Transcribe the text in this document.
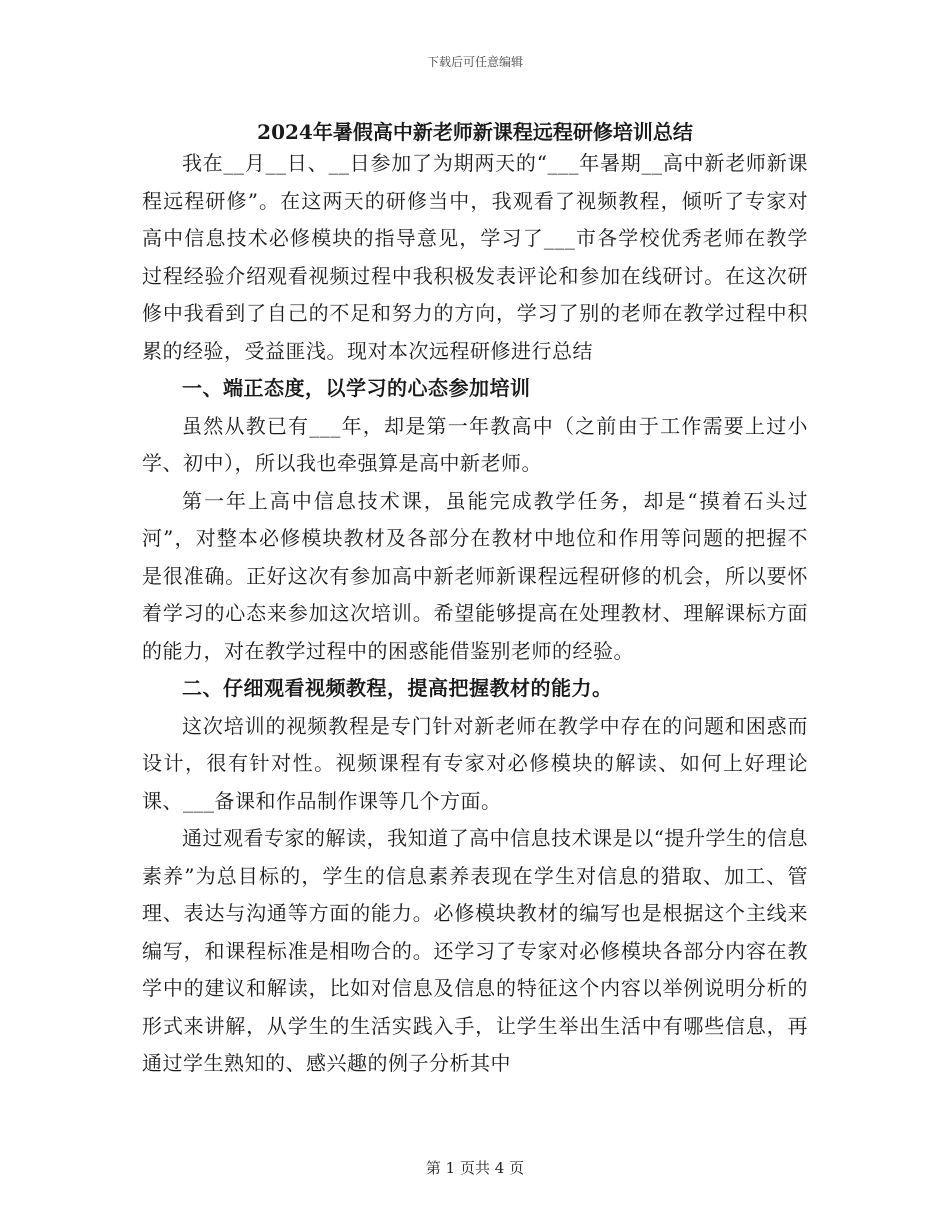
下载后可任意编辑
2024年暑假高中新老师新课程远程研修培训总结

我在__月__日、__日参加了为期两天的“___年暑期__高中新老师新课程远程研修”。在这两天的研修当中，我观看了视频教程，倾听了专家对高中信息技术必修模块的指导意见，学习了___市各学校优秀老师在教学过程经验介绍观看视频过程中我积极发表评论和参加在线研讨。在这次研修中我看到了自己的不足和努力的方向，学习了别的老师在教学过程中积累的经验，受益匪浅。现对本次远程研修进行总结

一、端正态度，以学习的心态参加培训

虽然从教已有___年，却是第一年教高中（之前由于工作需要上过小学、初中），所以我也牵强算是高中新老师。

第一年上高中信息技术课，虽能完成教学任务，却是“摸着石头过河”，对整本必修模块教材及各部分在教材中地位和作用等问题的把握不是很准确。正好这次有参加高中新老师新课程远程研修的机会，所以要怀着学习的心态来参加这次培训。希望能够提高在处理教材、理解课标方面的能力，对在教学过程中的困惑能借鉴别老师的经验。

二、仔细观看视频教程，提高把握教材的能力。

这次培训的视频教程是专门针对新老师在教学中存在的问题和困惑而设计，很有针对性。视频课程有专家对必修模块的解读、如何上好理论课、___备课和作品制作课等几个方面。

通过观看专家的解读，我知道了高中信息技术课是以“提升学生的信息素养”为总目标的，学生的信息素养表现在学生对信息的猎取、加工、管理、表达与沟通等方面的能力。必修模块教材的编写也是根据这个主线来编写，和课程标准是相吻合的。还学习了专家对必修模块各部分内容在教学中的建议和解读，比如对信息及信息的特征这个内容以举例说明分析的形式来讲解，从学生的生活实践入手，让学生举出生活中有哪些信息，再通过学生熟知的、感兴趣的例子分析其中

第 1 页共 4 页
